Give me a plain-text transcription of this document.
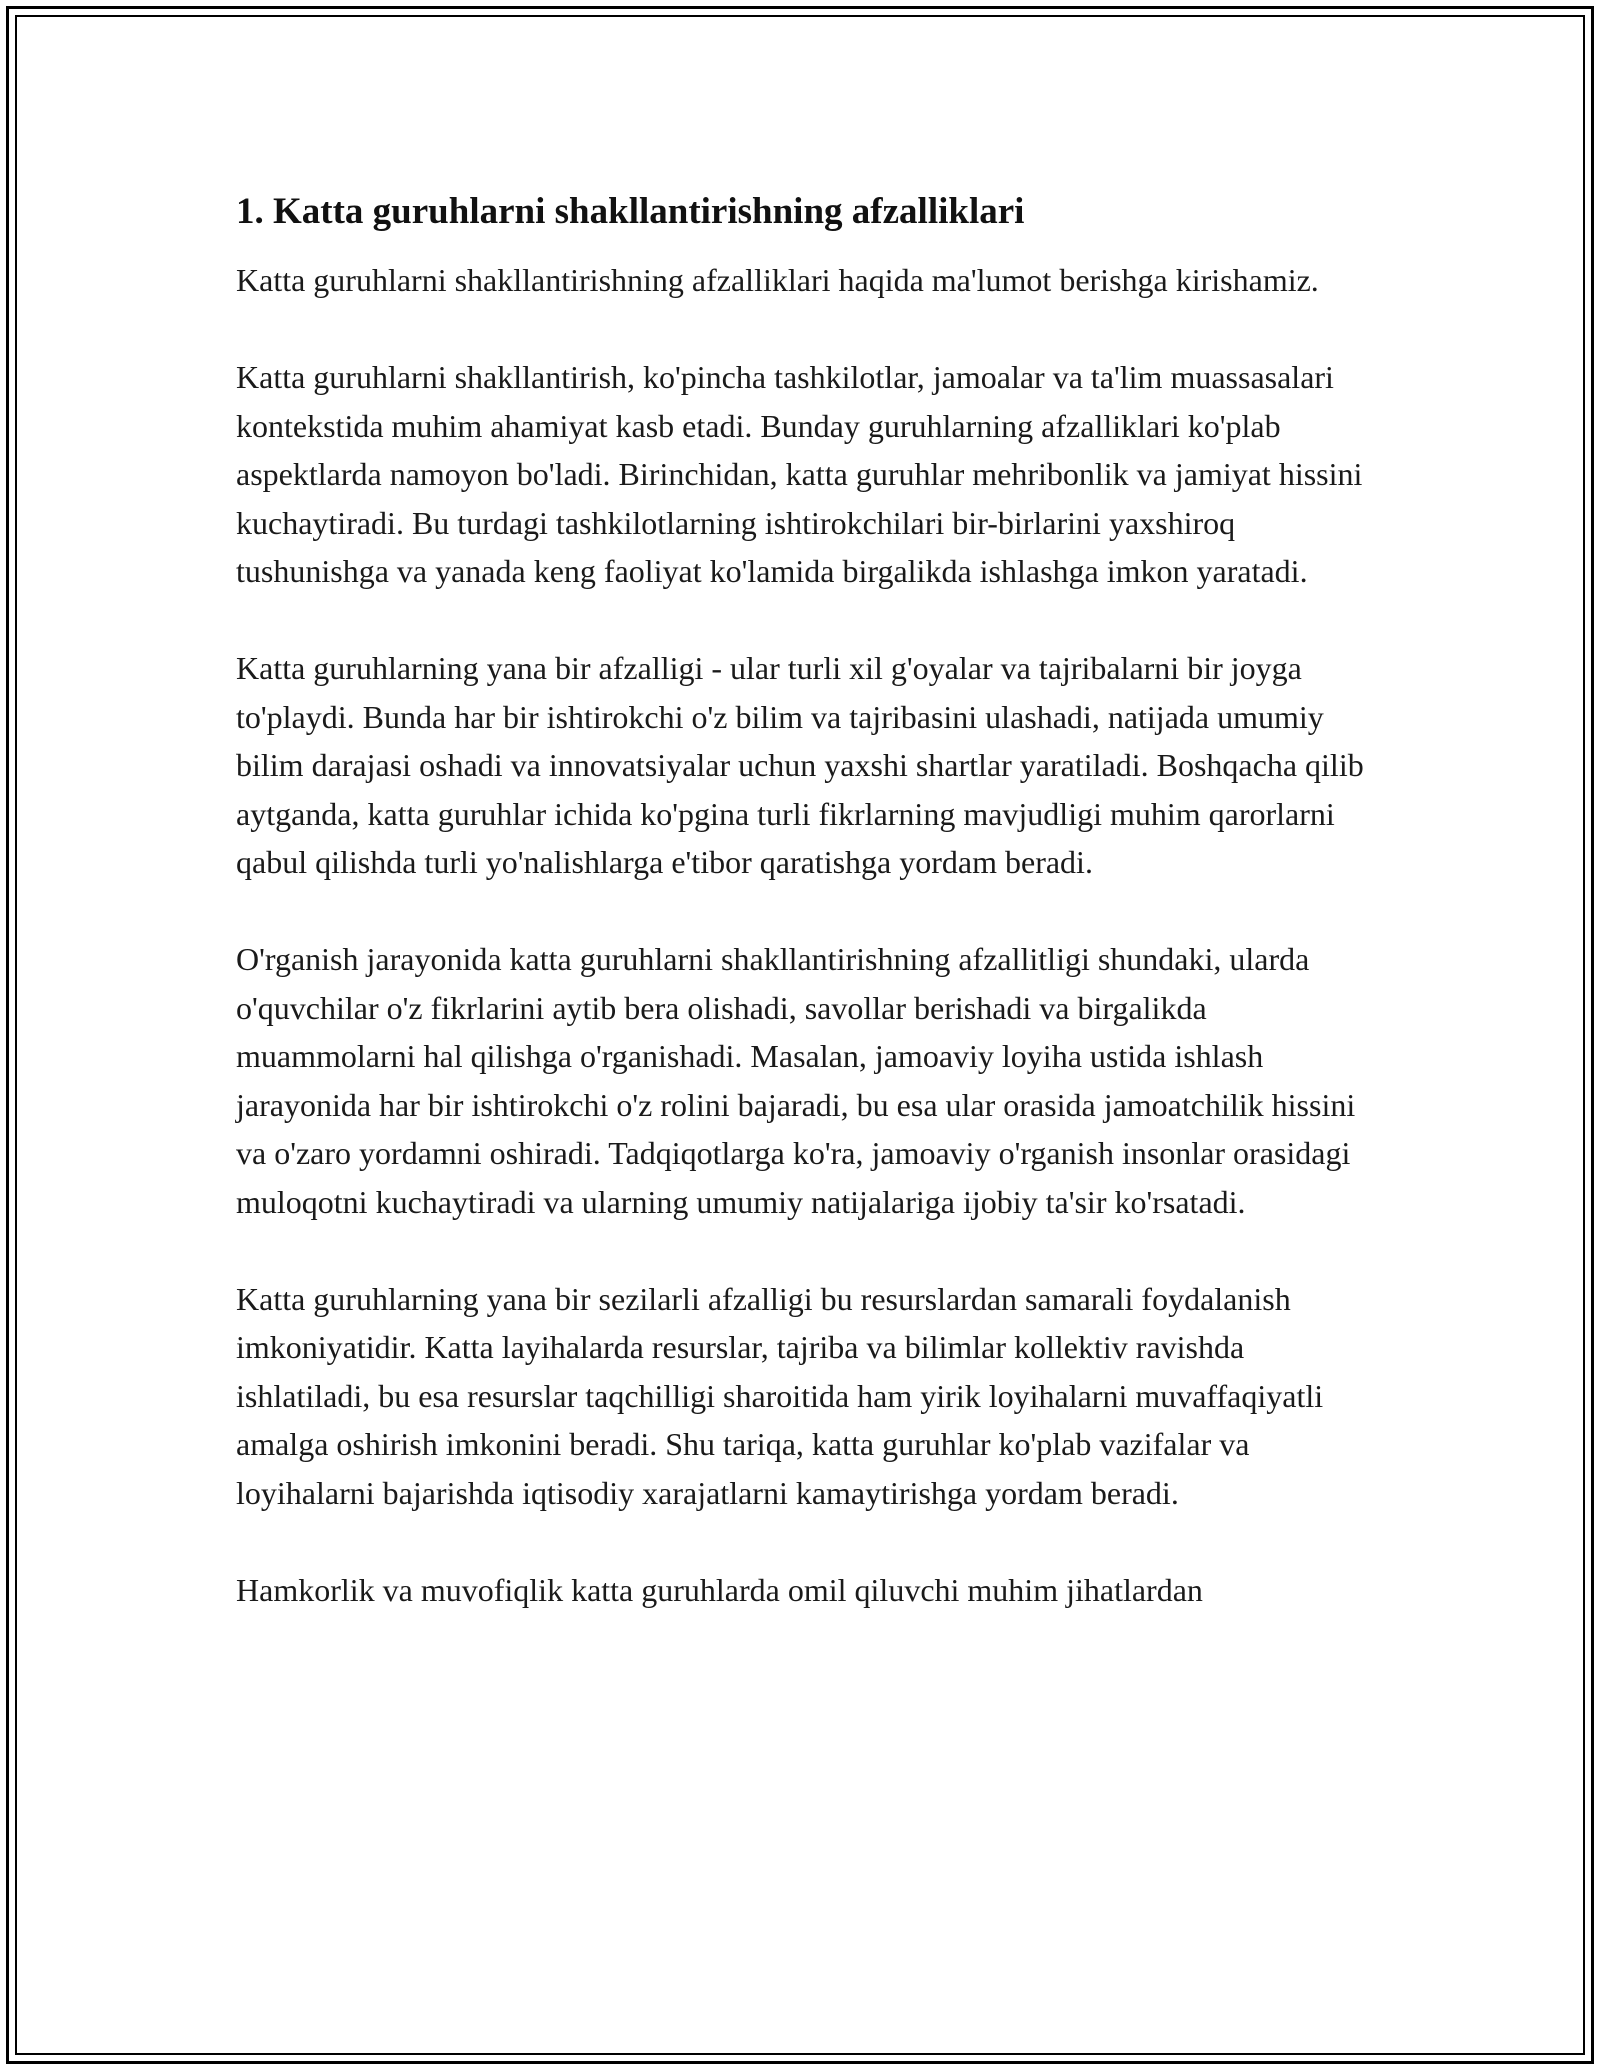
1. Katta guruhlarni shakllantirishning afzalliklari

Katta guruhlarni shakllantirishning afzalliklari haqida ma'lumot berishga kirishamiz.

Katta guruhlarni shakllantirish, ko'pincha tashkilotlar, jamoalar va ta'lim muassasalari kontekstida muhim ahamiyat kasb etadi. Bunday guruhlarning afzalliklari ko'plab aspektlarda namoyon bo'ladi. Birinchidan, katta guruhlar mehribonlik va jamiyat hissini kuchaytiradi. Bu turdagi tashkilotlarning ishtirokchilari bir-birlarini yaxshiroq tushunishga va yanada keng faoliyat ko'lamida birgalikda ishlashga imkon yaratadi.

Katta guruhlarning yana bir afzalligi - ular turli xil g'oyalar va tajribalarni bir joyga to'playdi. Bunda har bir ishtirokchi o'z bilim va tajribasini ulashadi, natijada umumiy bilim darajasi oshadi va innovatsiyalar uchun yaxshi shartlar yaratiladi. Boshqacha qilib aytganda, katta guruhlar ichida ko'pgina turli fikrlarning mavjudligi muhim qarorlarni qabul qilishda turli yo'nalishlarga e'tibor qaratishga yordam beradi.

O'rganish jarayonida katta guruhlarni shakllantirishning afzallitligi shundaki, ularda o'quvchilar o'z fikrlarini aytib bera olishadi, savollar berishadi va birgalikda muammolarni hal qilishga o'rganishadi. Masalan, jamoaviy loyiha ustida ishlash jarayonida har bir ishtirokchi o'z rolini bajaradi, bu esa ular orasida jamoatchilik hissini va o'zaro yordamni oshiradi. Tadqiqotlarga ko'ra, jamoaviy o'rganish insonlar orasidagi muloqotni kuchaytiradi va ularning umumiy natijalariga ijobiy ta'sir ko'rsatadi.

Katta guruhlarning yana bir sezilarli afzalligi bu resurslardan samarali foydalanish imkoniyatidir. Katta layihalarda resurslar, tajriba va bilimlar kollektiv ravishda ishlatiladi, bu esa resurslar taqchilligi sharoitida ham yirik loyihalarni muvaffaqiyatli amalga oshirish imkonini beradi. Shu tariqa, katta guruhlar ko'plab vazifalar va loyihalarni bajarishda iqtisodiy xarajatlarni kamaytirishga yordam beradi.

Hamkorlik va muvofiqlik katta guruhlarda omil qiluvchi muhim jihatlardan
